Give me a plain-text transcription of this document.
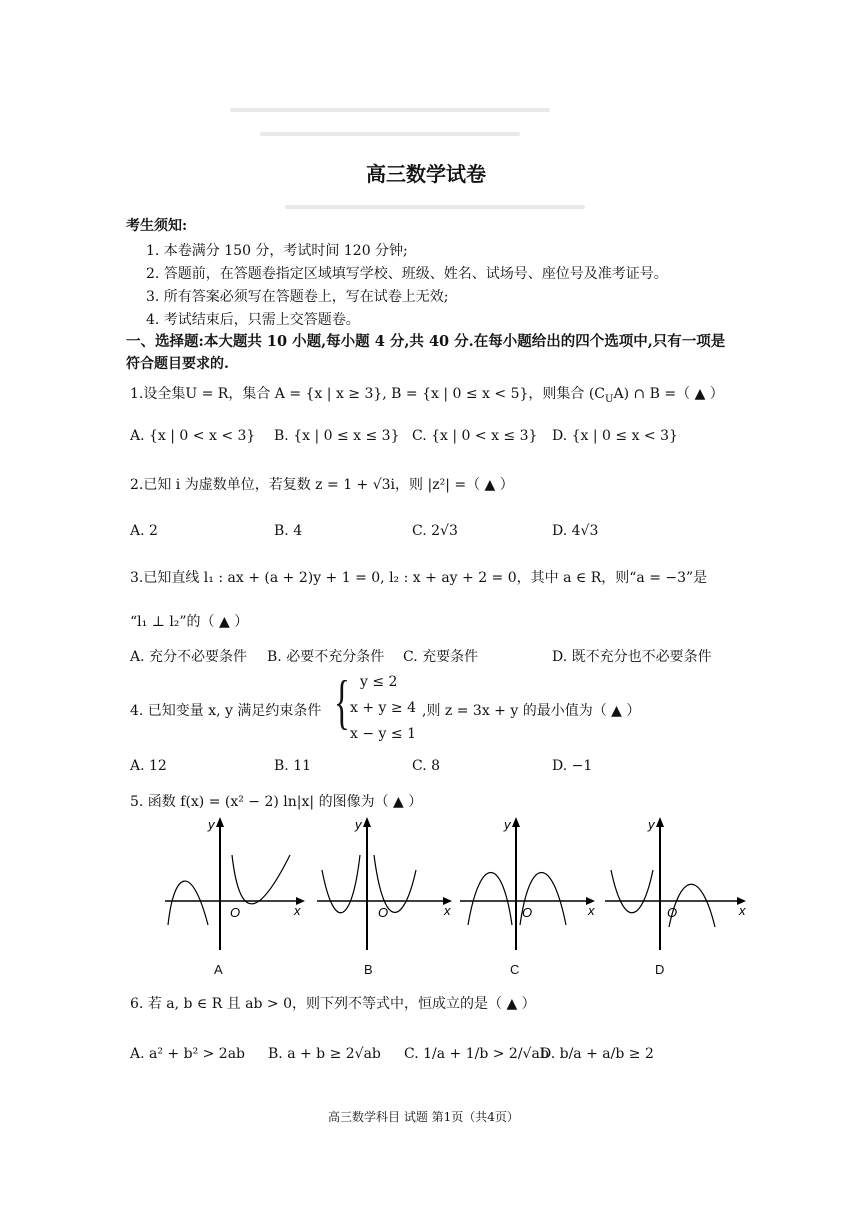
高三数学试卷
考生须知:
1. 本卷满分 150 分，考试时间 120 分钟;
2. 答题前，在答题卷指定区域填写学校、班级、姓名、试场号、座位号及准考证号。
3. 所有答案必须写在答题卷上，写在试卷上无效;
4. 考试结束后，只需上交答题卷。
一、选择题:本大题共 10 小题,每小题 4 分,共 40 分.在每小题给出的四个选项中,只有一项是
符合题目要求的.
1.设全集U = R，集合 A = {x | x ≥ 3}, B = {x | 0 ≤ x < 5}，则集合 $(C_UA)$ ∩ B =（ ▲ ）
A. {x | 0 < x < 3} B. {x | 0 ≤ x ≤ 3} C. {x | 0 < x ≤ 3} D. {x | 0 ≤ x < 3}
2.已知 i 为虚数单位，若复数 z = 1 + √3i，则 |z²| =（ ▲ ）
A. 2	B. 4	C. 2√3	D. 4√3
3.已知直线 l₁ : ax + (a + 2)y + 1 = 0, l₂ : x + ay + 2 = 0，其中 a ∈ R，则“a = −3”是
“l₁ ⊥ l₂”的（ ▲ ）
A. 充分不必要条件 B. 必要不充分条件 C. 充要条件	D. 既不充分也不必要条件
4. 已知变量 x, y 满足约束条件 { y ≤ 2
x + y ≥ 4
x − y ≤ 1
,则 z = 3x + y 的最小值为（ ▲ ）
A. 12	B. 11	C. 8	D. −1
5. 函数 f(x) = (x² − 2) ln|x| 的图像为（ ▲ ）
y
x
O
A
y
x
O
B
y
x
O
C
y
x
O
D
6. 若 a, b ∈ R 且 ab > 0，则下列不等式中，恒成立的是（ ▲ ）
A. a² + b² > 2ab B. a + b ≥ 2√ab C. 1/a + 1/b > 2/√ab
D. b/a + a/b ≥ 2
高三数学科目 试题 第1页（共4页）
